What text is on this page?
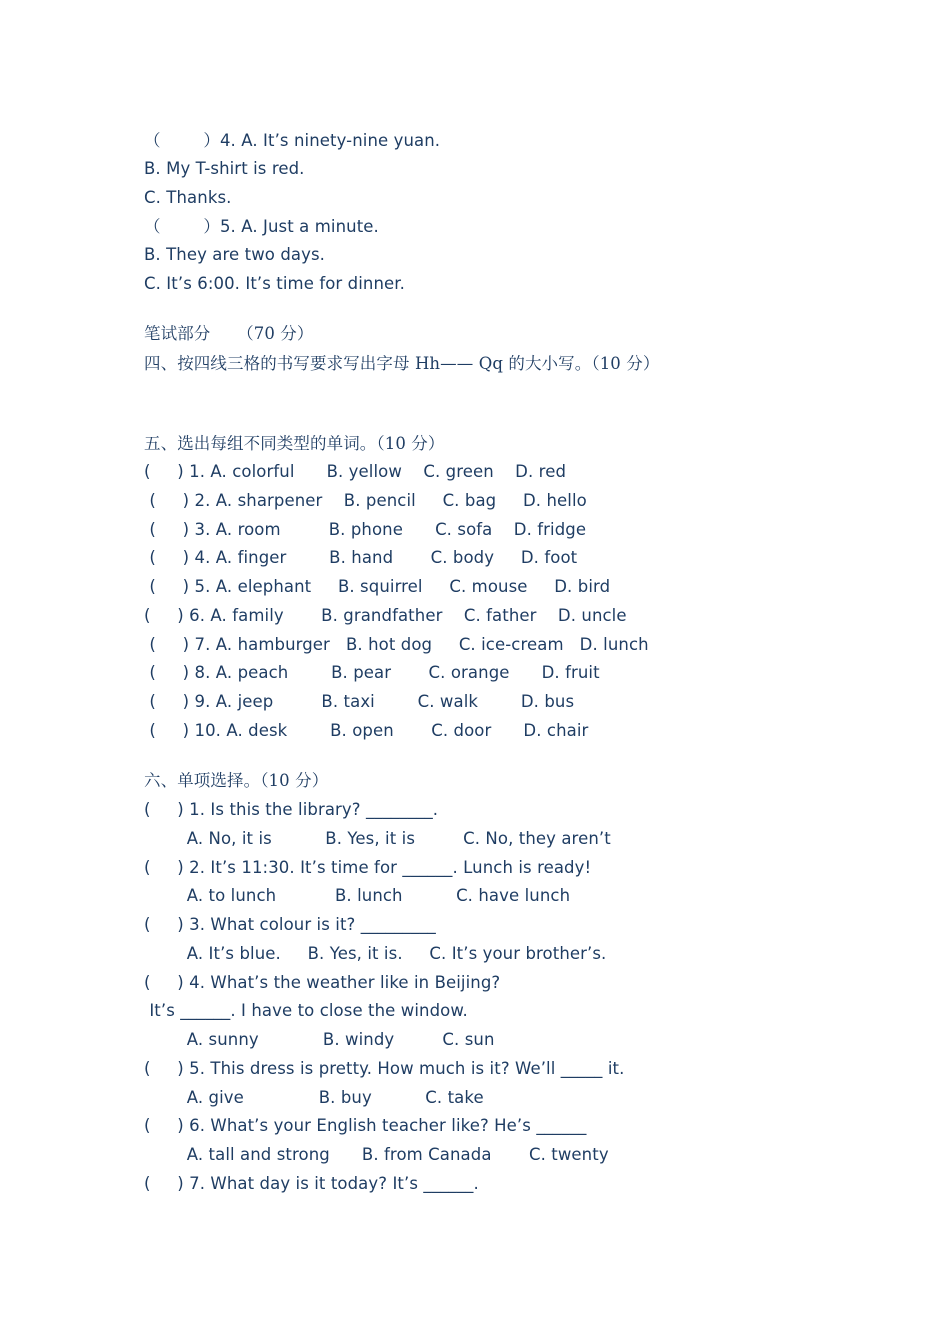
（        ）4. A. It’s ninety-nine yuan.
B. My T-shirt is red.
C. Thanks.
（        ）5. A. Just a minute.
B. They are two days.
C. It’s 6:00. It’s time for dinner.
笔试部分     （70 分）
四、按四线三格的书写要求写出字母 Hh—— Qq 的大小写。（10 分）
五、选出每组不同类型的单词。（10 分）
(     ) 1. A. colorful      B. yellow    C. green    D. red
(     ) 2. A. sharpener    B. pencil     C. bag     D. hello
(     ) 3. A. room         B. phone      C. sofa    D. fridge
(     ) 4. A. finger        B. hand       C. body     D. foot
(     ) 5. A. elephant     B. squirrel     C. mouse     D. bird
(     ) 6. A. family       B. grandfather    C. father    D. uncle
(     ) 7. A. hamburger   B. hot dog     C. ice-cream   D. lunch
(     ) 8. A. peach        B. pear       C. orange      D. fruit
(     ) 9. A. jeep         B. taxi        C. walk        D. bus
(     ) 10. A. desk        B. open       C. door      D. chair
六、单项选择。（10 分）
(     ) 1. Is this the library? ________.
A. No, it is          B. Yes, it is         C. No, they aren’t
(     ) 2. It’s 11:30. It’s time for ______. Lunch is ready!
A. to lunch           B. lunch          C. have lunch
(     ) 3. What colour is it? _________
A. It’s blue.     B. Yes, it is.     C. It’s your brother’s.
(     ) 4. What’s the weather like in Beijing?
It’s ______. I have to close the window.
A. sunny            B. windy         C. sun
(     ) 5. This dress is pretty. How much is it? We’ll _____ it.
A. give              B. buy          C. take
(     ) 6. What’s your English teacher like? He’s ______
A. tall and strong      B. from Canada       C. twenty
(     ) 7. What day is it today? It’s ______.
